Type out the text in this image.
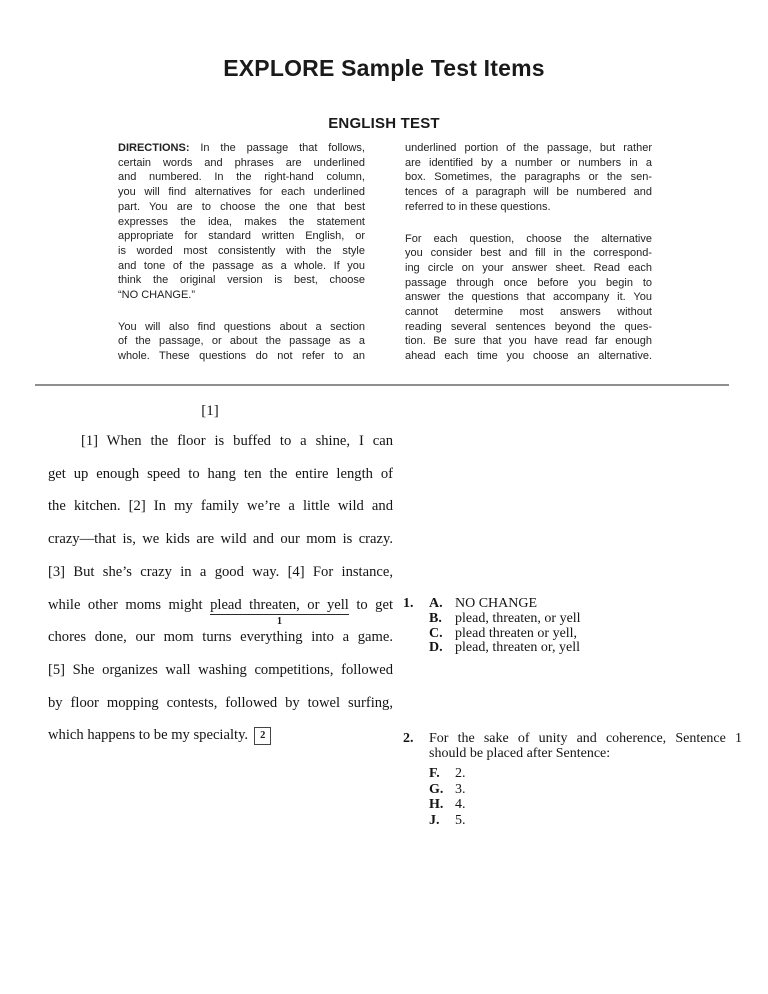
EXPLORE Sample Test Items
ENGLISH TEST
DIRECTIONS: In the passage that follows,
certain words and phrases are underlined
and numbered. In the right-hand column,
you will find alternatives for each underlined
part. You are to choose the one that best
expresses the idea, makes the statement
appropriate for standard written English, or
is worded most consistently with the style
and tone of the passage as a whole. If you
think the original version is best, choose
“NO CHANGE.”
You will also find questions about a section
of the passage, or about the passage as a
whole. These questions do not refer to an
underlined portion of the passage, but rather
are identified by a number or numbers in a
box. Sometimes, the paragraphs or the sen-
tences of a paragraph will be numbered and
referred to in these questions.
For each question, choose the alternative
you consider best and fill in the correspond-
ing circle on your answer sheet. Read each
passage through once before you begin to
answer the questions that accompany it. You
cannot determine most answers without
reading several sentences beyond the ques-
tion. Be sure that you have read far enough
ahead each time you choose an alternative.
[1]
[1] When the floor is buffed to a shine, I can
get up enough speed to hang ten the entire length of
the kitchen. [2] In my family we’re a little wild and
crazy—that is, we kids are wild and our mom is crazy.
[3] But she’s crazy in a good way. [4] For instance,
while other moms might plead threaten, or yell
1
to get
chores done, our mom turns everything into a game.
[5] She organizes wall washing competitions, followed
by floor mopping contests, followed by towel surfing,
which happens to be my specialty. 2
1.	A. NO CHANGE
B. plead, threaten, or yell
C. plead threaten or yell,
D. plead, threaten or, yell
2.	For the sake of unity and coherence, Sentence 1
should be placed after Sentence:
F.	2.
G. 3.
H. 4.
J.	5.
